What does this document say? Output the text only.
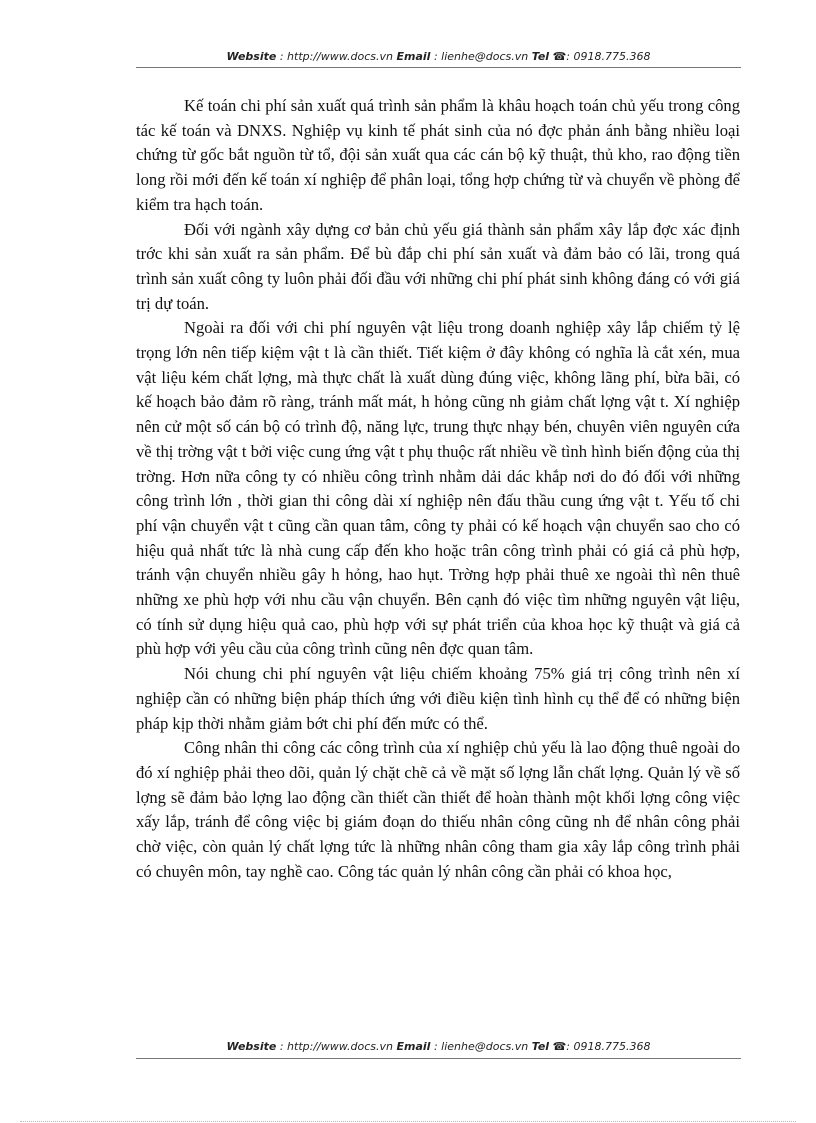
Website : http://www.docs.vn Email : lienhe@docs.vn Tel ☎: 0918.775.368

Kế toán chi phí sản xuất quá trình sản phẩm là khâu hoạch toán chủ yếu trong công tác kế toán và DNXS. Nghiệp vụ kinh tế phát sinh của nó đợc phản ánh bằng nhiều loại chứng từ gốc bắt nguồn từ tổ, đội sản xuất qua các cán bộ kỹ thuật, thủ kho, rao động tiền long rồi mới đến kế toán xí nghiệp để phân loại, tổng hợp chứng từ và chuyển về phòng để kiểm tra hạch toán.

Đối với ngành xây dựng cơ bản chủ yếu giá thành sản phẩm xây lắp đợc xác định trớc khi sản xuất ra sản phẩm. Để bù đắp chi phí sản xuất và đảm bảo có lãi, trong quá trình sản xuất công ty luôn phải đối đầu với những chi phí phát sinh không đáng có với giá trị dự toán.

Ngoài ra đối với chi phí nguyên vật liệu trong doanh nghiệp xây lắp chiếm tỷ lệ trọng lớn nên tiếp kiệm vật t là cần thiết. Tiết kiệm ở đây không có nghĩa là cắt xén, mua vật liệu kém chất lợng, mà thực chất là xuất dùng đúng việc, không lãng phí, bừa bãi, có kế hoạch bảo đảm rõ ràng, tránh mất mát, h hỏng cũng nh giảm chất lợng vật t. Xí nghiệp nên cử một số cán bộ có trình độ, năng lực, trung thực nhạy bén, chuyên viên nguyên cứa về thị trờng vật t bởi việc cung ứng vật t phụ thuộc rất nhiều về tình hình biến động của thị trờng. Hơn nữa công ty có nhiều công trình nhằm dải dác khắp nơi do đó đối với những công trình lớn , thời gian thi công dài xí nghiệp nên đấu thầu cung ứng vật t. Yếu tố chi phí vận chuyển vật t cũng cần quan tâm, công ty phải có kế hoạch vận chuyển sao cho có hiệu quả nhất tức là nhà cung cấp đến kho hoặc trân công trình phải có giá cả phù hợp, tránh vận chuyển nhiều gây h hỏng, hao hụt. Trờng hợp phải thuê xe ngoài thì nên thuê những xe phù hợp với nhu cầu vận chuyển. Bên cạnh đó việc tìm những nguyên vật liệu, có tính sử dụng hiệu quả cao, phù hợp với sự phát triển của khoa học kỹ thuật và giá cả phù hợp với yêu cầu của công trình cũng nên đợc quan tâm.

Nói chung chi phí nguyên vật liệu chiếm khoảng 75% giá trị công trình nên xí nghiệp cần có những biện pháp thích ứng với điều kiện tình hình cụ thể để có những biện pháp kịp thời nhằm giảm bớt chi phí đến mức có thể.

Công nhân thi công các công trình của xí nghiệp chủ yếu là lao động thuê ngoài do đó xí nghiệp phải theo dõi, quản lý chặt chẽ cả về mặt số lợng lẫn chất lợng. Quản lý về số lợng sẽ đảm bảo lợng lao động cần thiết cần thiết để hoàn thành một khối lợng công việc xấy lắp, tránh để công việc bị giám đoạn do thiếu nhân công cũng nh để nhân công phải chờ việc, còn quản lý chất lợng tức là những nhân công tham gia xây lắp công trình phải có chuyên môn, tay nghề cao. Công tác quản lý nhân công cần phải có khoa học,

Website : http://www.docs.vn Email : lienhe@docs.vn Tel ☎: 0918.775.368
